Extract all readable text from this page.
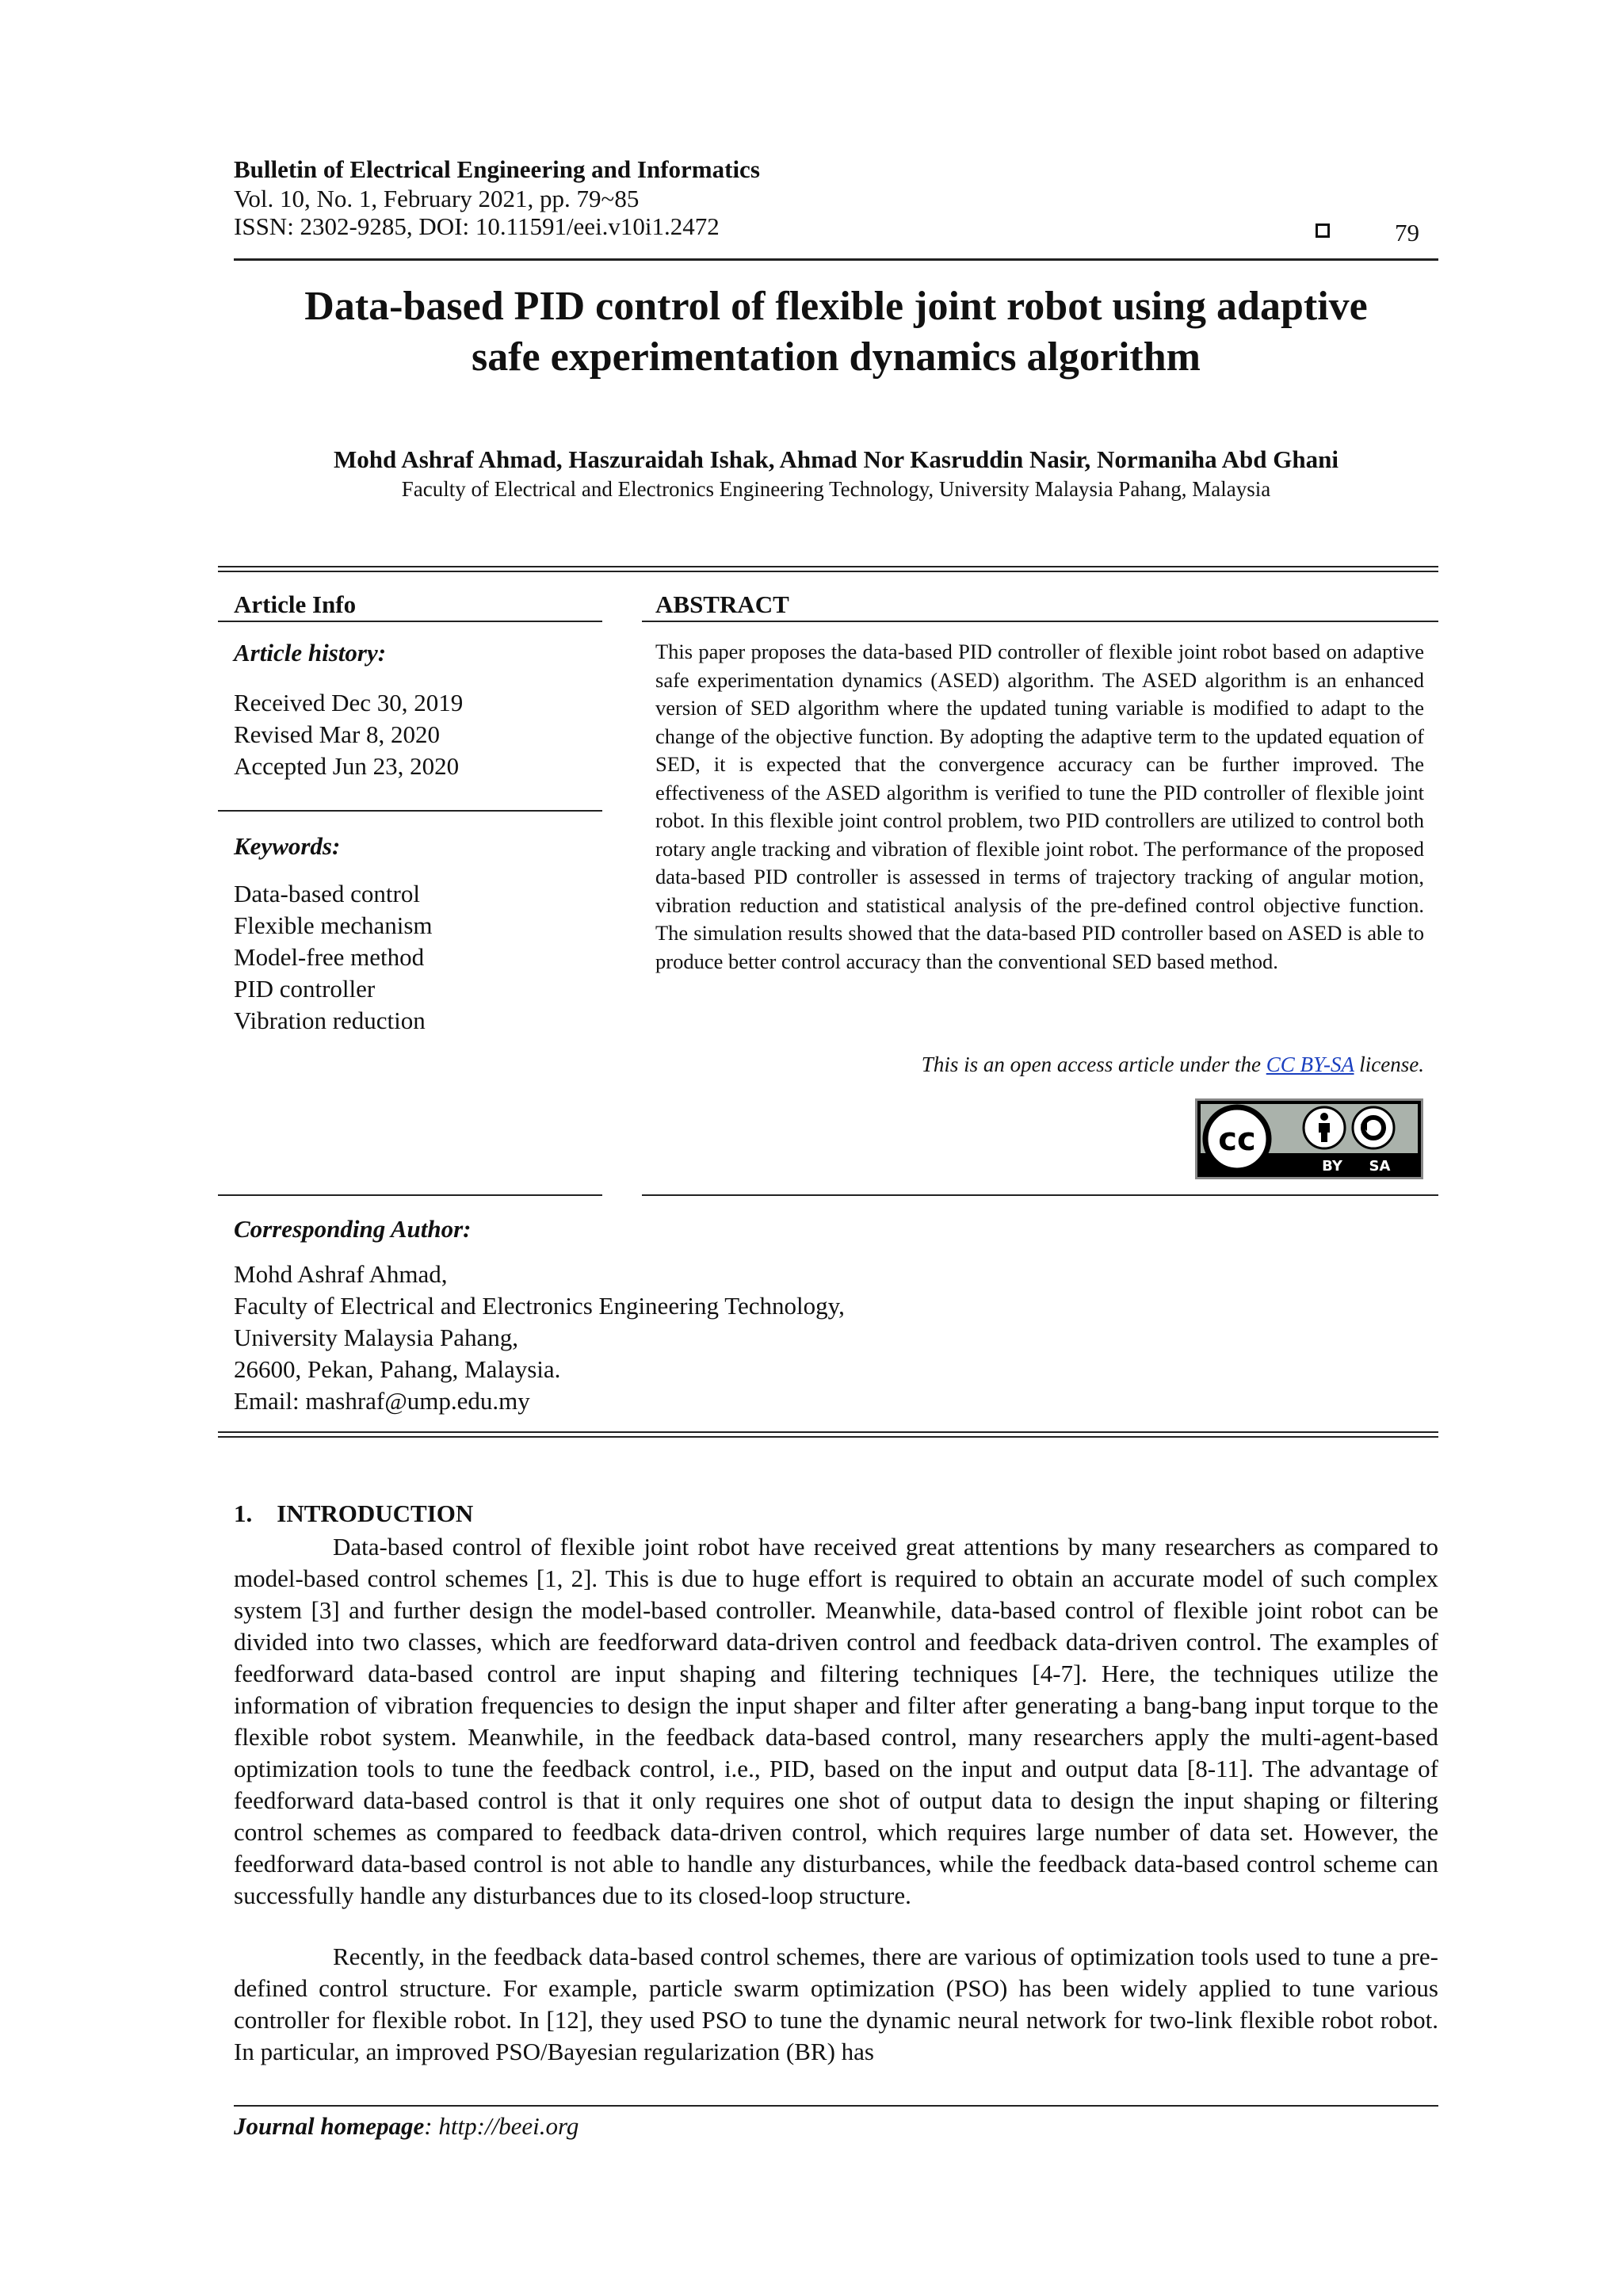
Bulletin of Electrical Engineering and Informatics
Vol. 10, No. 1, February 2021, pp. 79~85
ISSN: 2302-9285, DOI: 10.11591/eei.v10i1.2472	79
Data-based PID control of flexible joint robot using adaptive
safe experimentation dynamics algorithm
Mohd Ashraf Ahmad, Haszuraidah Ishak, Ahmad Nor Kasruddin Nasir, Normaniha Abd Ghani
Faculty of Electrical and Electronics Engineering Technology, University Malaysia Pahang, Malaysia
Article Info
Article history:
Received Dec 30, 2019
Revised Mar 8, 2020
Accepted Jun 23, 2020
Keywords:
Data-based control
Flexible mechanism
Model-free method
PID controller
Vibration reduction
ABSTRACT
This paper proposes the data-based PID controller of flexible joint robot based on adaptive safe experimentation dynamics (ASED) algorithm. The ASED algorithm is an enhanced version of SED algorithm where the updated tuning variable is modified to adapt to the change of the objective function. By adopting the adaptive term to the updated equation of SED, it is expected that the convergence accuracy can be further improved. The effectiveness of the ASED algorithm is verified to tune the PID controller of flexible joint robot. In this flexible joint control problem, two PID controllers are utilized to control both rotary angle tracking and vibration of flexible joint robot. The performance of the proposed data-based PID controller is assessed in terms of trajectory tracking of angular motion, vibration reduction and statistical analysis of the pre-defined control objective function. The simulation results showed that the data-based PID controller based on ASED is able to produce better control accuracy than the conventional SED based method.
This is an open access article under the CC BY-SA license.
cc
BY SA
Corresponding Author:
Mohd Ashraf Ahmad,
Faculty of Electrical and Electronics Engineering Technology,
University Malaysia Pahang,
26600, Pekan, Pahang, Malaysia.
Email: mashraf@ump.edu.my
1.    INTRODUCTION
Data-based control of flexible joint robot have received great attentions by many researchers as compared to model-based control schemes [1, 2]. This is due to huge effort is required to obtain an accurate model of such complex system [3] and further design the model-based controller. Meanwhile, data-based control of flexible joint robot can be divided into two classes, which are feedforward data-driven control and feedback data-driven control. The examples of feedforward data-based control are input shaping and filtering techniques [4-7]. Here, the techniques utilize the information of vibration frequencies to design the input shaper and filter after generating a bang-bang input torque to the flexible robot system. Meanwhile, in the feedback data-based control, many researchers apply the multi-agent-based optimization tools to tune the feedback control, i.e., PID, based on the input and output data [8-11]. The advantage of feedforward data-based control is that it only requires one shot of output data to design the input shaping or filtering control schemes as compared to feedback data-driven control, which requires large number of data set. However, the feedforward data-based control is not able to handle any disturbances, while the feedback data-based control scheme can successfully handle any disturbances due to its closed-loop structure.
Recently, in the feedback data-based control schemes, there are various of optimization tools used to tune a pre-defined control structure. For example, particle swarm optimization (PSO) has been widely applied to tune various controller for flexible robot. In [12], they used PSO to tune the dynamic neural network for two-link flexible robot robot. In particular, an improved PSO/Bayesian regularization (BR) has
Journal homepage: http://beei.org
